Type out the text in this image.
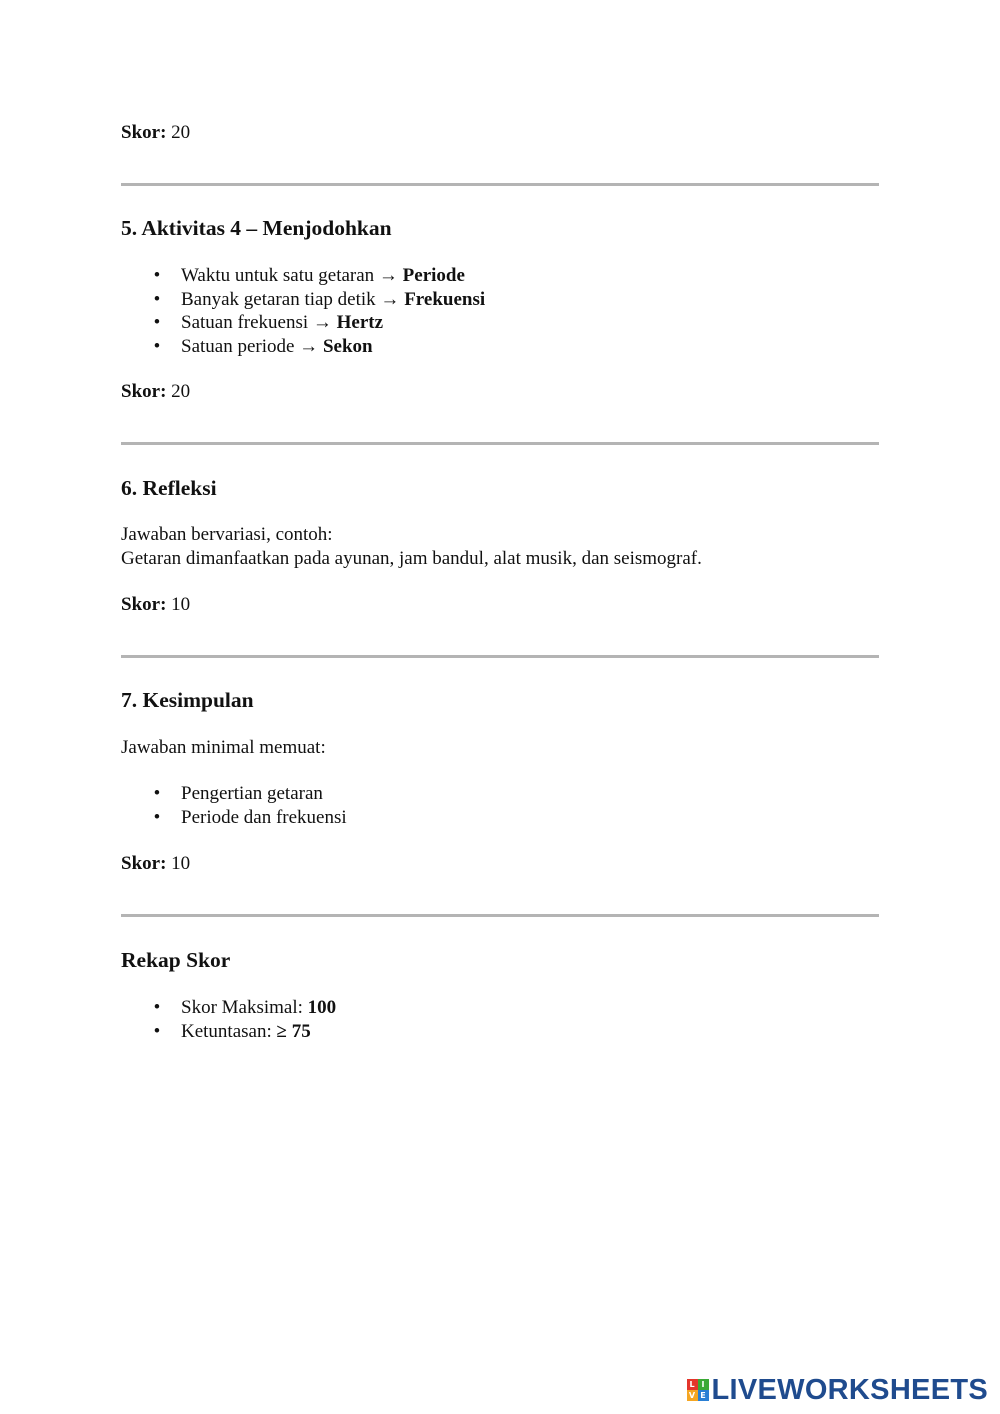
Skor: 20
5. Aktivitas 4 – Menjodohkan
• Waktu untuk satu getaran → Periode
• Banyak getaran tiap detik → Frekuensi
• Satuan frekuensi → Hertz
• Satuan periode → Sekon
Skor: 20
6. Refleksi
Jawaban bervariasi, contoh:
Getaran dimanfaatkan pada ayunan, jam bandul, alat musik, dan seismograf.
Skor: 10
7. Kesimpulan
Jawaban minimal memuat:
• Pengertian getaran
• Periode dan frekuensi
Skor: 10
Rekap Skor
• Skor Maksimal: 100
• Ketuntasan: ≥ 75
L I
V E LIVEWORKSHEETS
